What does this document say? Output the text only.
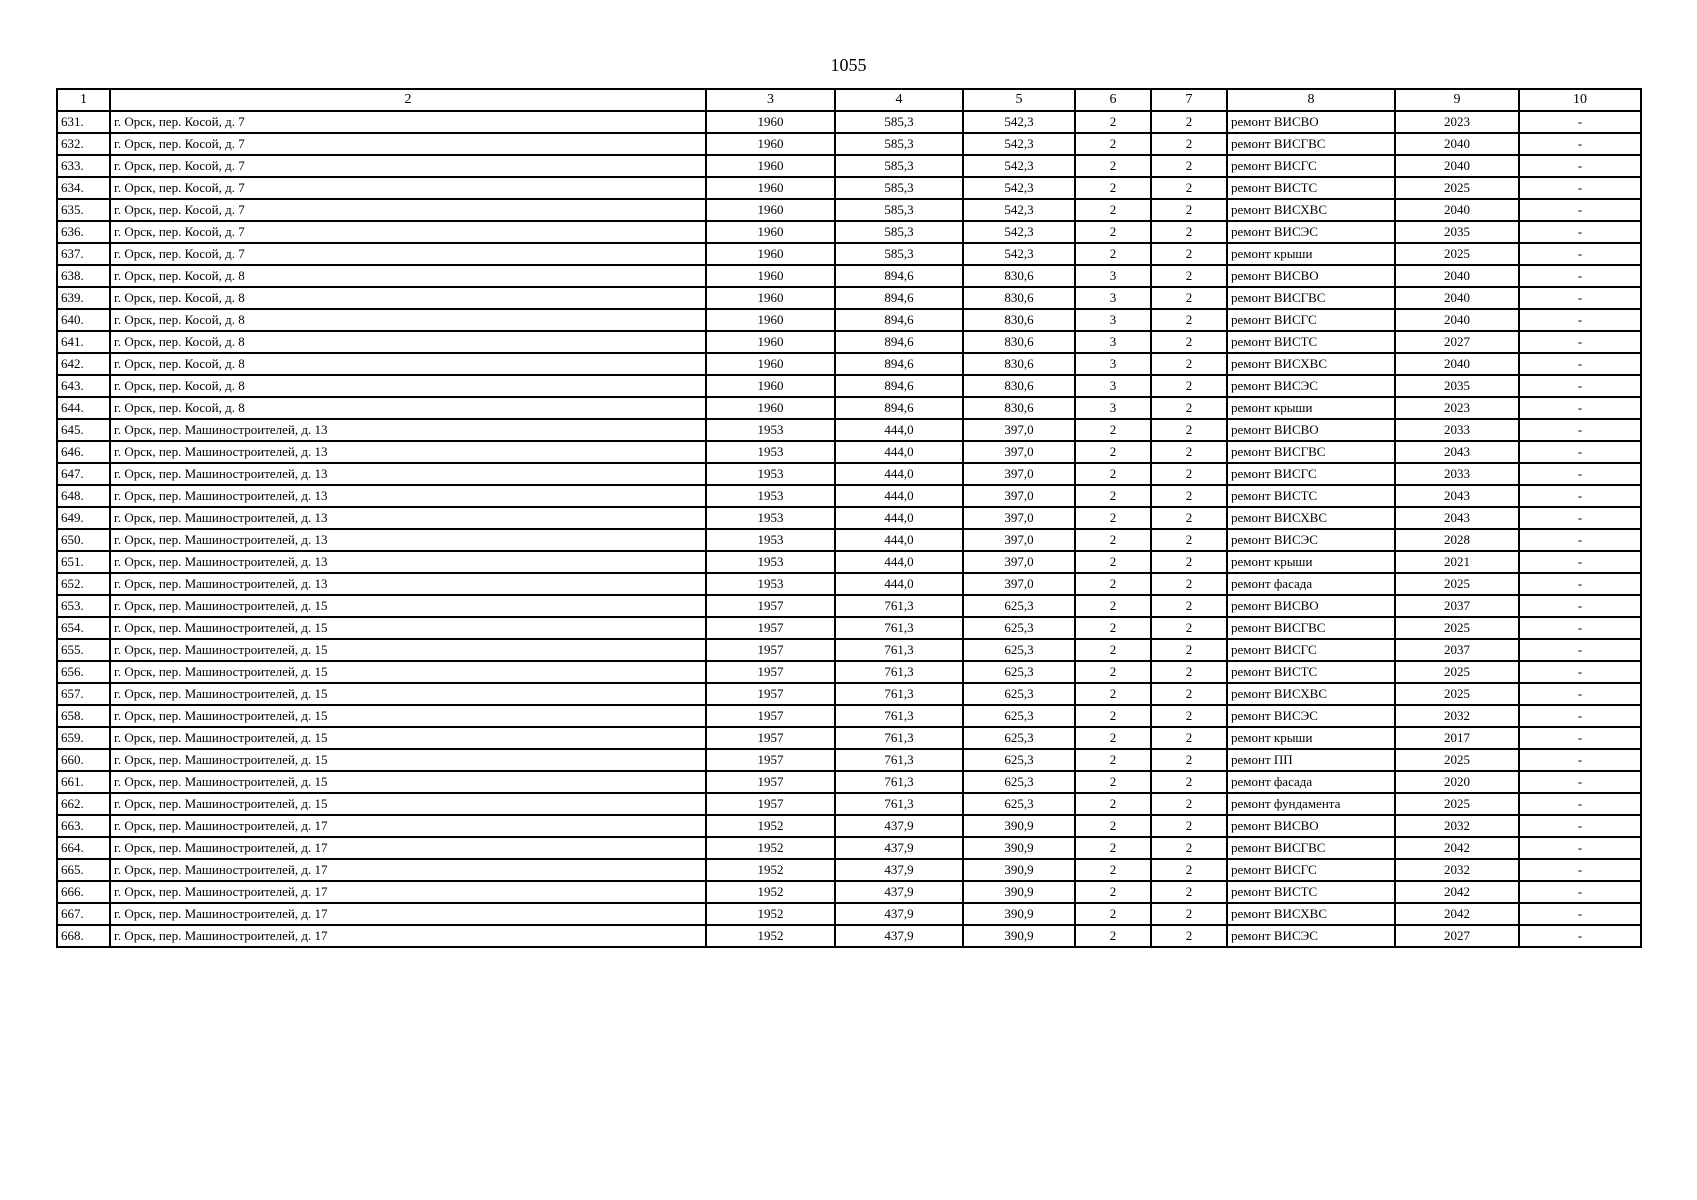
1055
1	2	3	4	5	6	7	8	9	10
631.	г. Орск, пер. Косой, д. 7	1960	585,3	542,3	2	2	ремонт ВИСВО	2023	-
632.	г. Орск, пер. Косой, д. 7	1960	585,3	542,3	2	2	ремонт ВИСГВС	2040	-
633.	г. Орск, пер. Косой, д. 7	1960	585,3	542,3	2	2	ремонт ВИСГС	2040	-
634.	г. Орск, пер. Косой, д. 7	1960	585,3	542,3	2	2	ремонт ВИСТС	2025	-
635.	г. Орск, пер. Косой, д. 7	1960	585,3	542,3	2	2	ремонт ВИСХВС	2040	-
636.	г. Орск, пер. Косой, д. 7	1960	585,3	542,3	2	2	ремонт ВИСЭС	2035	-
637.	г. Орск, пер. Косой, д. 7	1960	585,3	542,3	2	2	ремонт крыши	2025	-
638.	г. Орск, пер. Косой, д. 8	1960	894,6	830,6	3	2	ремонт ВИСВО	2040	-
639.	г. Орск, пер. Косой, д. 8	1960	894,6	830,6	3	2	ремонт ВИСГВС	2040	-
640.	г. Орск, пер. Косой, д. 8	1960	894,6	830,6	3	2	ремонт ВИСГС	2040	-
641.	г. Орск, пер. Косой, д. 8	1960	894,6	830,6	3	2	ремонт ВИСТС	2027	-
642.	г. Орск, пер. Косой, д. 8	1960	894,6	830,6	3	2	ремонт ВИСХВС	2040	-
643.	г. Орск, пер. Косой, д. 8	1960	894,6	830,6	3	2	ремонт ВИСЭС	2035	-
644.	г. Орск, пер. Косой, д. 8	1960	894,6	830,6	3	2	ремонт крыши	2023	-
645.	г. Орск, пер. Машиностроителей, д. 13	1953	444,0	397,0	2	2	ремонт ВИСВО	2033	-
646.	г. Орск, пер. Машиностроителей, д. 13	1953	444,0	397,0	2	2	ремонт ВИСГВС	2043	-
647.	г. Орск, пер. Машиностроителей, д. 13	1953	444,0	397,0	2	2	ремонт ВИСГС	2033	-
648.	г. Орск, пер. Машиностроителей, д. 13	1953	444,0	397,0	2	2	ремонт ВИСТС	2043	-
649.	г. Орск, пер. Машиностроителей, д. 13	1953	444,0	397,0	2	2	ремонт ВИСХВС	2043	-
650.	г. Орск, пер. Машиностроителей, д. 13	1953	444,0	397,0	2	2	ремонт ВИСЭС	2028	-
651.	г. Орск, пер. Машиностроителей, д. 13	1953	444,0	397,0	2	2	ремонт крыши	2021	-
652.	г. Орск, пер. Машиностроителей, д. 13	1953	444,0	397,0	2	2	ремонт фасада	2025	-
653.	г. Орск, пер. Машиностроителей, д. 15	1957	761,3	625,3	2	2	ремонт ВИСВО	2037	-
654.	г. Орск, пер. Машиностроителей, д. 15	1957	761,3	625,3	2	2	ремонт ВИСГВС	2025	-
655.	г. Орск, пер. Машиностроителей, д. 15	1957	761,3	625,3	2	2	ремонт ВИСГС	2037	-
656.	г. Орск, пер. Машиностроителей, д. 15	1957	761,3	625,3	2	2	ремонт ВИСТС	2025	-
657.	г. Орск, пер. Машиностроителей, д. 15	1957	761,3	625,3	2	2	ремонт ВИСХВС	2025	-
658.	г. Орск, пер. Машиностроителей, д. 15	1957	761,3	625,3	2	2	ремонт ВИСЭС	2032	-
659.	г. Орск, пер. Машиностроителей, д. 15	1957	761,3	625,3	2	2	ремонт крыши	2017	-
660.	г. Орск, пер. Машиностроителей, д. 15	1957	761,3	625,3	2	2	ремонт ПП	2025	-
661.	г. Орск, пер. Машиностроителей, д. 15	1957	761,3	625,3	2	2	ремонт фасада	2020	-
662.	г. Орск, пер. Машиностроителей, д. 15	1957	761,3	625,3	2	2	ремонт фундамента	2025	-
663.	г. Орск, пер. Машиностроителей, д. 17	1952	437,9	390,9	2	2	ремонт ВИСВО	2032	-
664.	г. Орск, пер. Машиностроителей, д. 17	1952	437,9	390,9	2	2	ремонт ВИСГВС	2042	-
665.	г. Орск, пер. Машиностроителей, д. 17	1952	437,9	390,9	2	2	ремонт ВИСГС	2032	-
666.	г. Орск, пер. Машиностроителей, д. 17	1952	437,9	390,9	2	2	ремонт ВИСТС	2042	-
667.	г. Орск, пер. Машиностроителей, д. 17	1952	437,9	390,9	2	2	ремонт ВИСХВС	2042	-
668.	г. Орск, пер. Машиностроителей, д. 17	1952	437,9	390,9	2	2	ремонт ВИСЭС	2027	-
